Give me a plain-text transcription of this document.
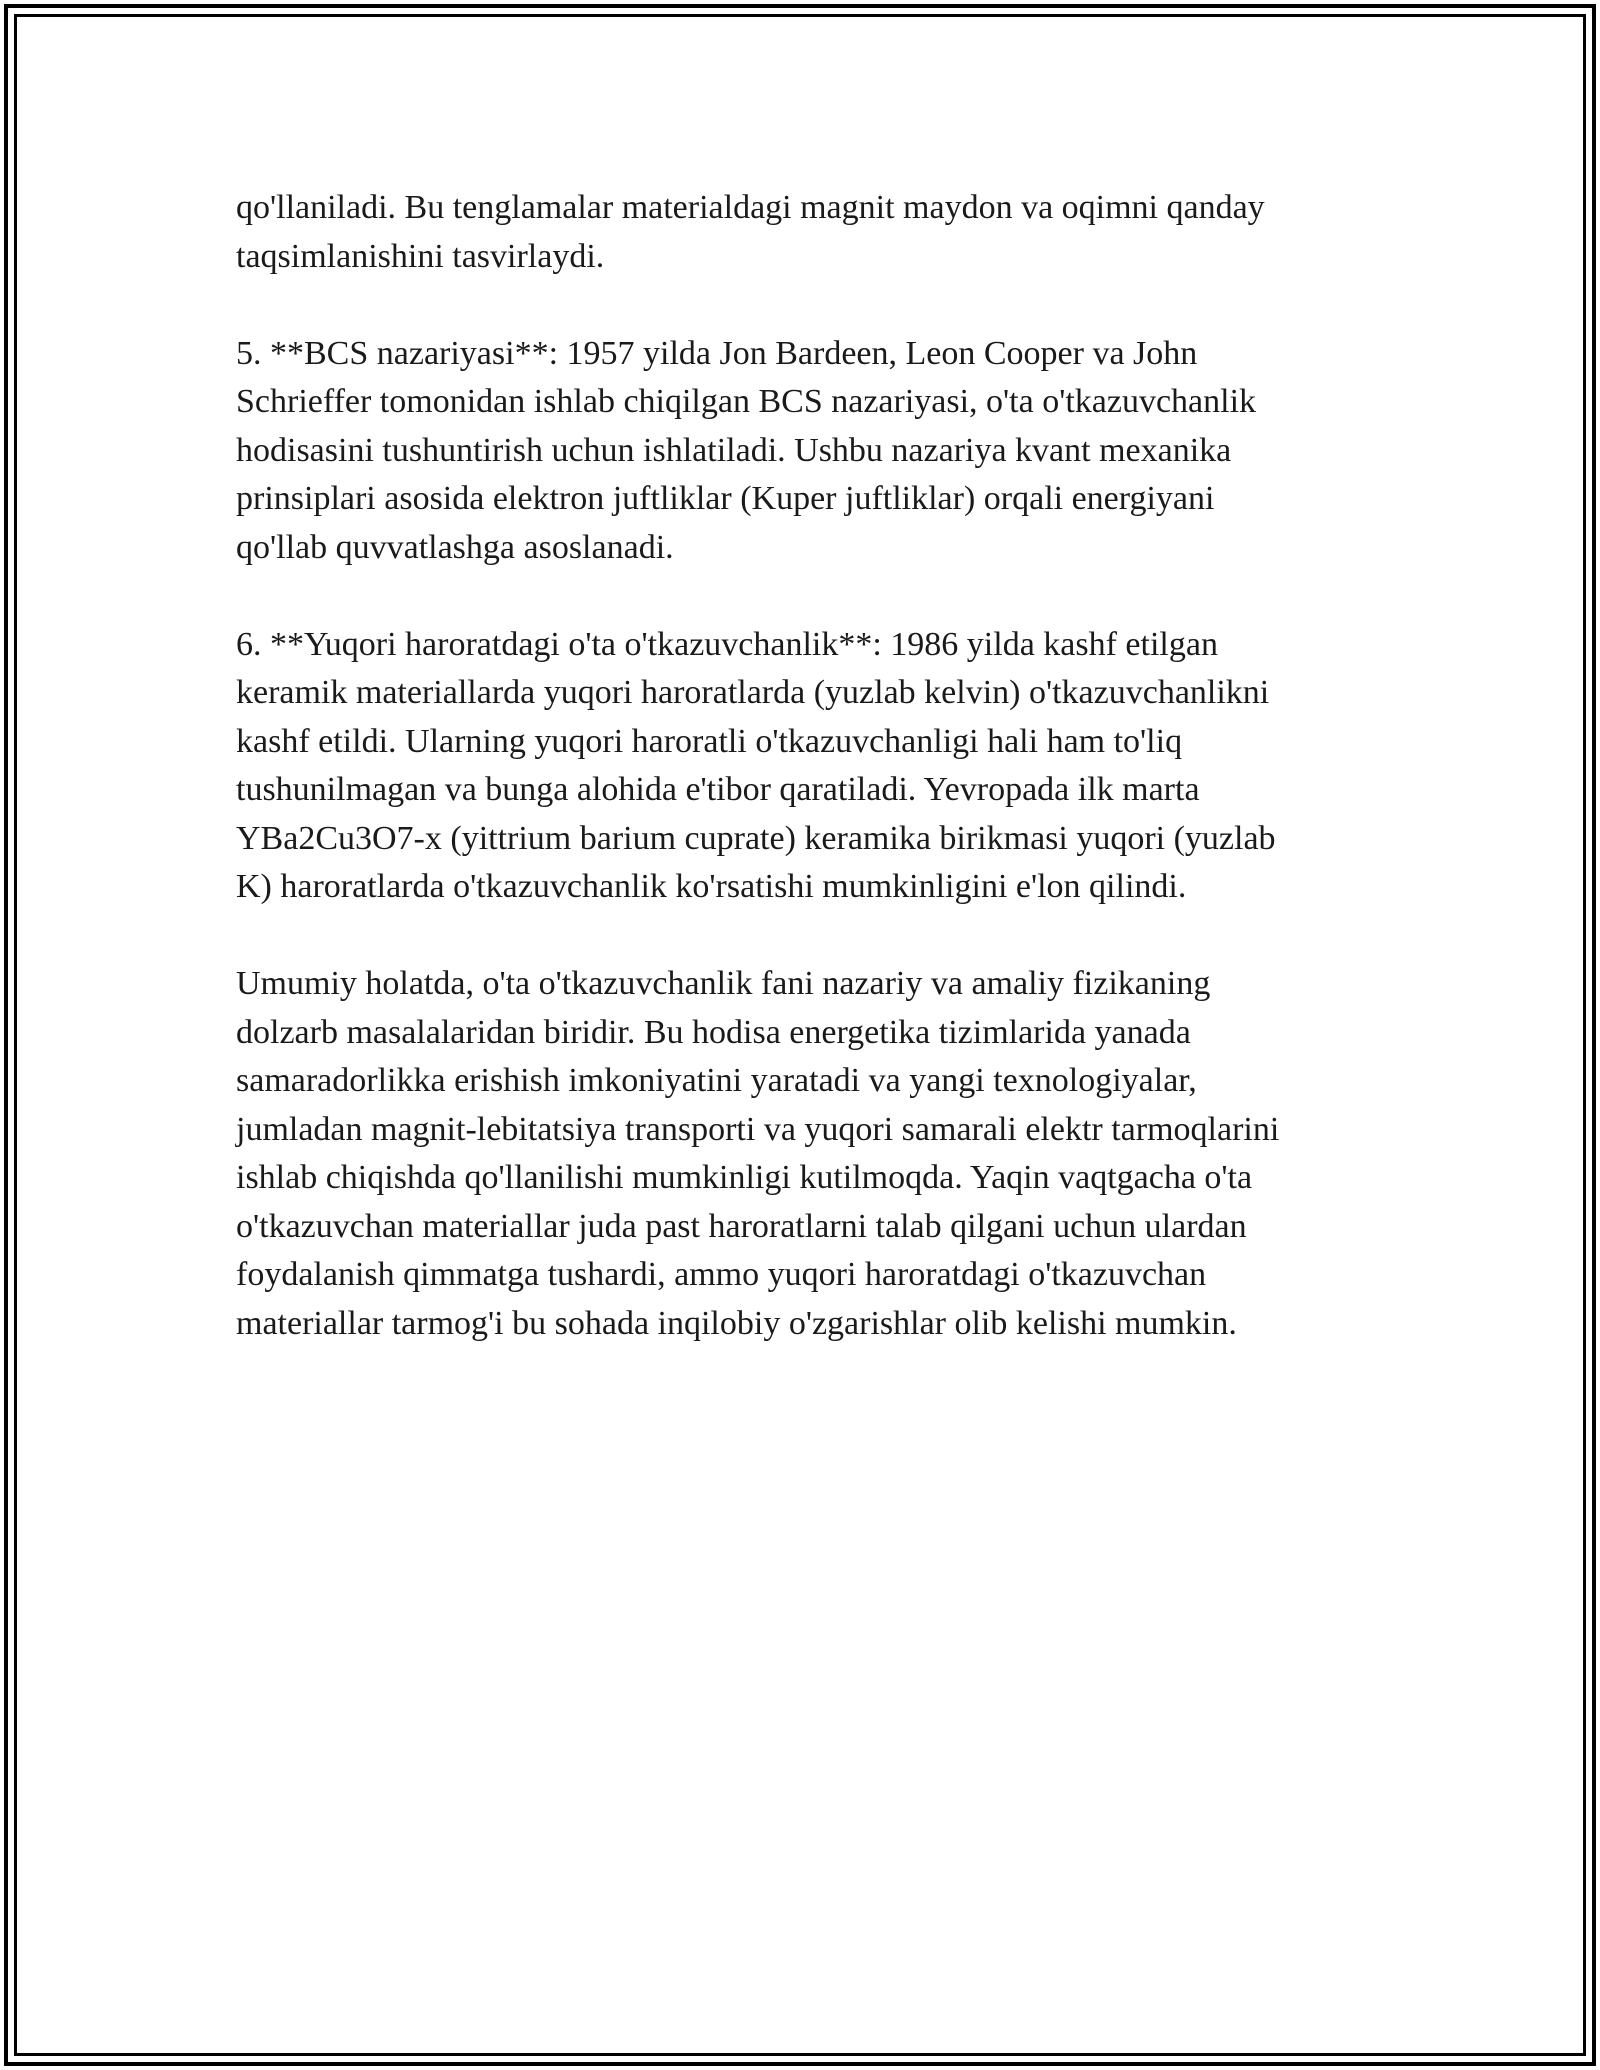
qo'llaniladi. Bu tenglamalar materialdagi magnit maydon va oqimni qanday
taqsimlanishini tasvirlaydi.

5. **BCS nazariyasi**: 1957 yilda Jon Bardeen, Leon Cooper va John
Schrieffer tomonidan ishlab chiqilgan BCS nazariyasi, o'ta o'tkazuvchanlik
hodisasini tushuntirish uchun ishlatiladi. Ushbu nazariya kvant mexanika
prinsiplari asosida elektron juftliklar (Kuper juftliklar) orqali energiyani
qo'llab quvvatlashga asoslanadi.

6. **Yuqori haroratdagi o'ta o'tkazuvchanlik**: 1986 yilda kashf etilgan
keramik materiallarda yuqori haroratlarda (yuzlab kelvin) o'tkazuvchanlikni
kashf etildi. Ularning yuqori haroratli o'tkazuvchanligi hali ham to'liq
tushunilmagan va bunga alohida e'tibor qaratiladi. Yevropada ilk marta
YBa2Cu3O7-x (yittrium barium cuprate) keramika birikmasi yuqori (yuzlab
K) haroratlarda o'tkazuvchanlik ko'rsatishi mumkinligini e'lon qilindi.

Umumiy holatda, o'ta o'tkazuvchanlik fani nazariy va amaliy fizikaning
dolzarb masalalaridan biridir. Bu hodisa energetika tizimlarida yanada
samaradorlikka erishish imkoniyatini yaratadi va yangi texnologiyalar,
jumladan magnit-lebitatsiya transporti va yuqori samarali elektr tarmoqlarini
ishlab chiqishda qo'llanilishi mumkinligi kutilmoqda. Yaqin vaqtgacha o'ta
o'tkazuvchan materiallar juda past haroratlarni talab qilgani uchun ulardan
foydalanish qimmatga tushardi, ammo yuqori haroratdagi o'tkazuvchan
materiallar tarmog'i bu sohada inqilobiy o'zgarishlar olib kelishi mumkin.
